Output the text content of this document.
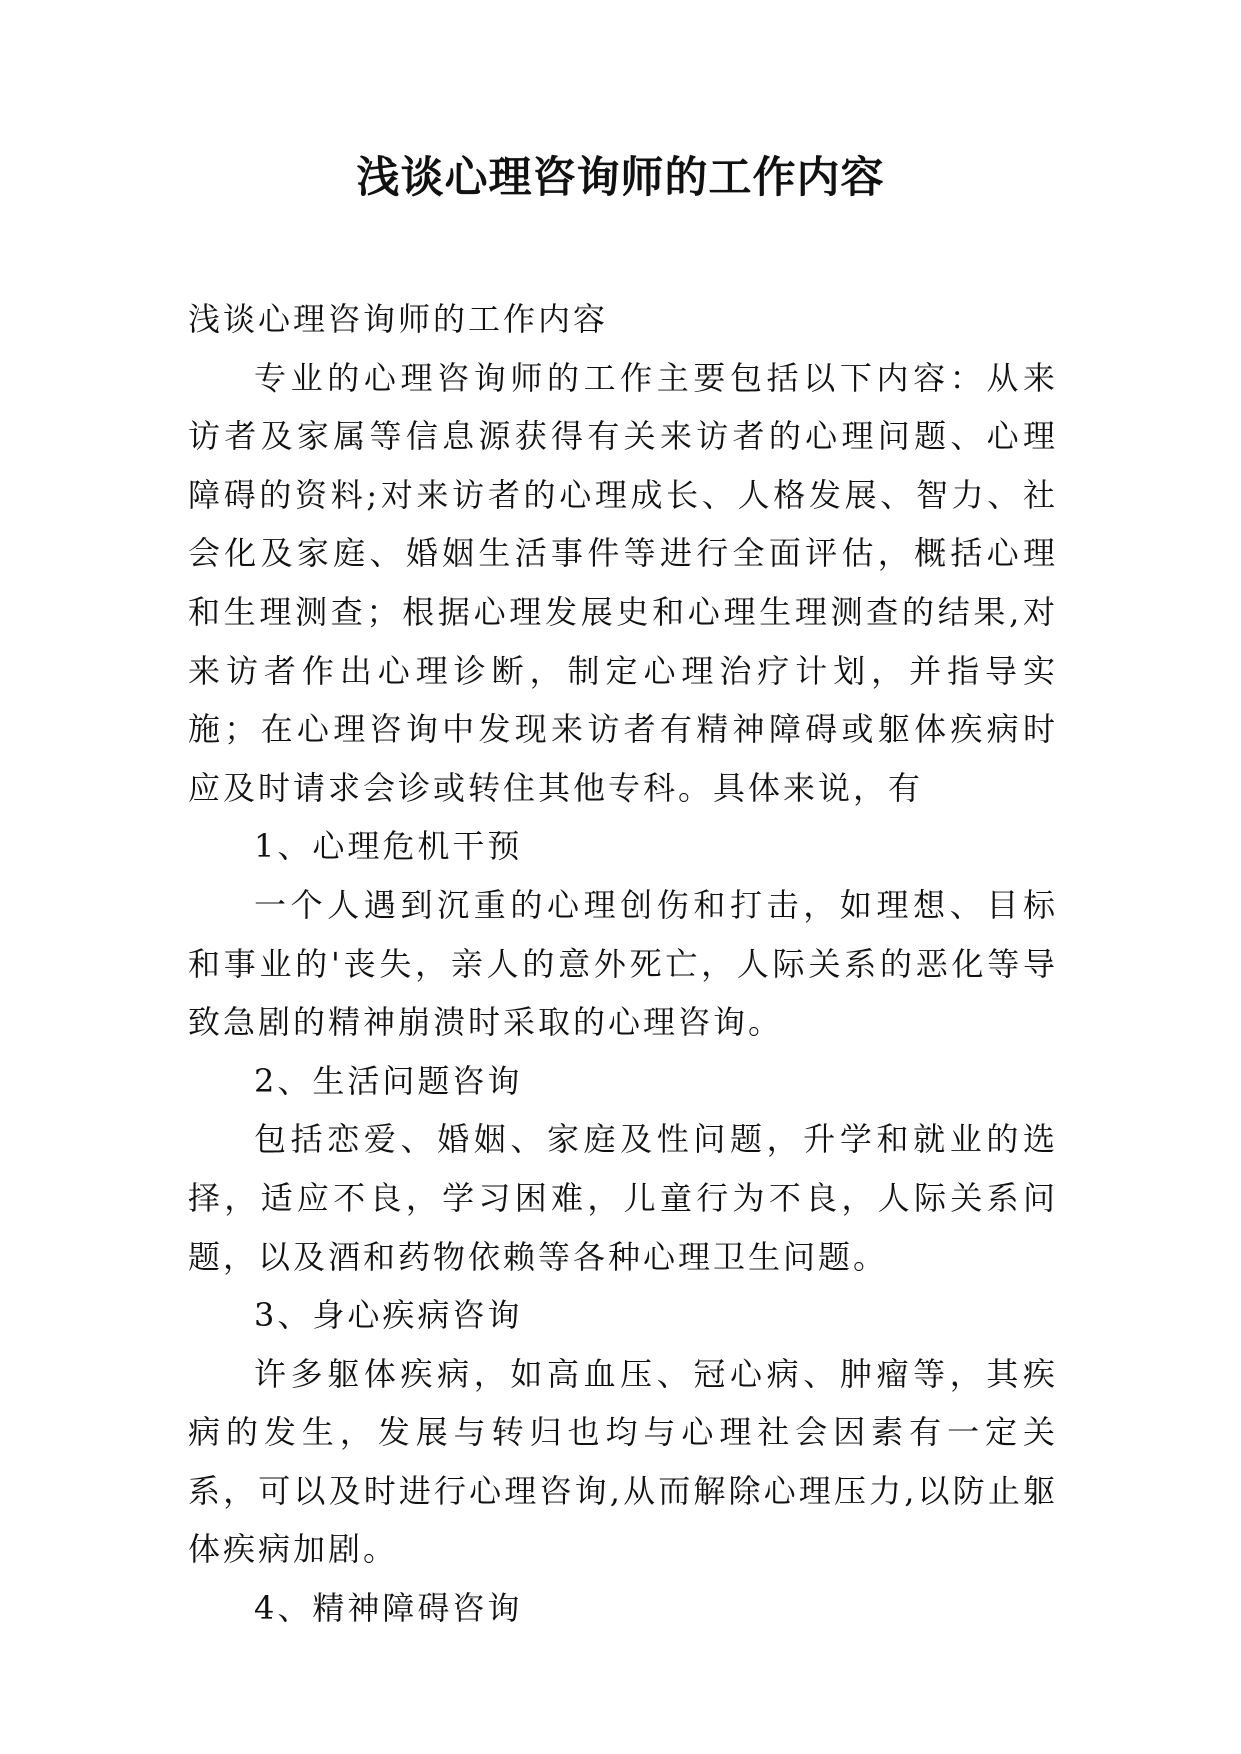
浅谈心理咨询师的工作内容

浅谈心理咨询师的工作内容

专业的心理咨询师的工作主要包括以下内容：从来访者及家属等信息源获得有关来访者的心理问题、心理障碍的资料;对来访者的心理成长、人格发展、智力、社会化及家庭、婚姻生活事件等进行全面评估，概括心理和生理测查；根据心理发展史和心理生理测查的结果,对来访者作出心理诊断，制定心理治疗计划，并指导实施；在心理咨询中发现来访者有精神障碍或躯体疾病时应及时请求会诊或转住其他专科。具体来说，有

1、心理危机干预

一个人遇到沉重的心理创伤和打击，如理想、目标和事业的'丧失，亲人的意外死亡，人际关系的恶化等导致急剧的精神崩溃时采取的心理咨询。

2、生活问题咨询

包括恋爱、婚姻、家庭及性问题，升学和就业的选择，适应不良，学习困难，儿童行为不良，人际关系问题，以及酒和药物依赖等各种心理卫生问题。

3、身心疾病咨询

许多躯体疾病，如高血压、冠心病、肿瘤等，其疾病的发生，发展与转归也均与心理社会因素有一定关系，可以及时进行心理咨询,从而解除心理压力,以防止躯体疾病加剧。

4、精神障碍咨询
